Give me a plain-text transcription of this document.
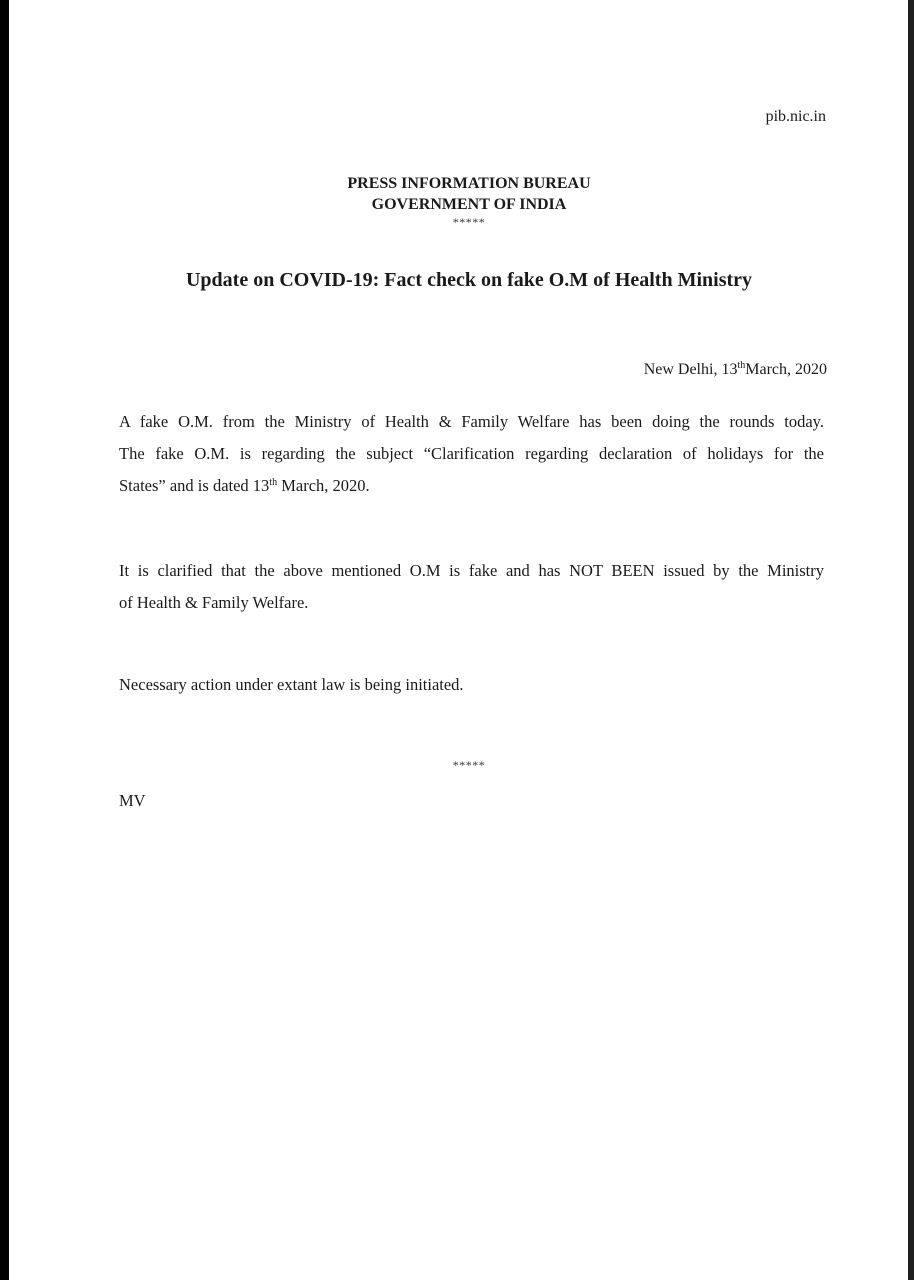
pib.nic.in
PRESS INFORMATION BUREAU
GOVERNMENT OF INDIA
*****
Update on COVID-19: Fact check on fake O.M of Health Ministry
New Delhi, 13thMarch, 2020
A fake O.M. from the Ministry of Health & Family Welfare has been doing the rounds today.
The fake O.M. is regarding the subject “Clarification regarding declaration of holidays for the
States” and is dated 13th March, 2020.
It is clarified that the above mentioned O.M is fake and has NOT BEEN issued by the Ministry
of Health & Family Welfare.
Necessary action under extant law is being initiated.
*****
MV
